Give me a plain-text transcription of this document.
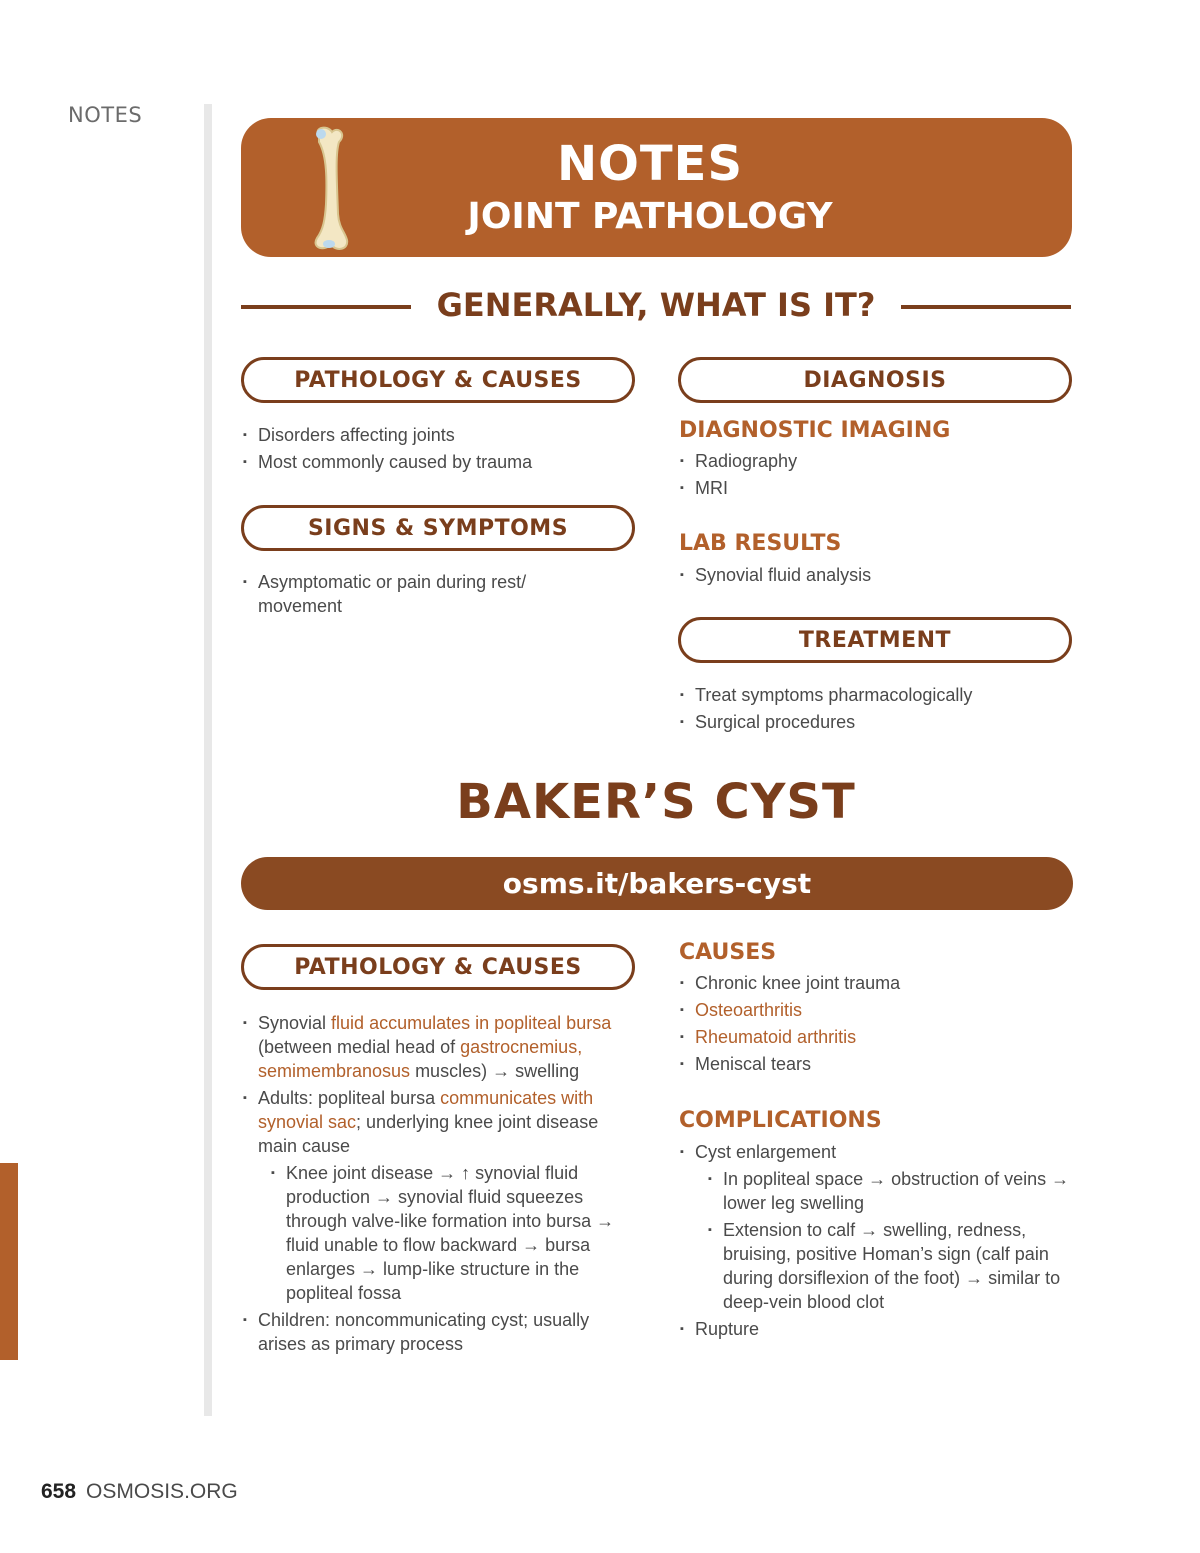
NOTES
NOTES
JOINT PATHOLOGY
GENERALLY, WHAT IS IT?
PATHOLOGY & CAUSES
▪ Disorders affecting joints
▪ Most commonly caused by trauma
SIGNS & SYMPTOMS
▪ Asymptomatic or pain during rest/ movement
DIAGNOSIS
DIAGNOSTIC IMAGING
▪ Radiography
▪ MRI
LAB RESULTS
▪ Synovial fluid analysis
TREATMENT
▪ Treat symptoms pharmacologically
▪ Surgical procedures
BAKER’S CYST
osms.it/bakers-cyst
PATHOLOGY & CAUSES
▪ Synovial fluid accumulates in popliteal bursa (between medial head of gastrocnemius, semimembranosus muscles) → swelling
▪ Adults: popliteal bursa communicates with synovial sac; underlying knee joint disease main cause
▪ Knee joint disease → ↑ synovial fluid production → synovial fluid squeezes through valve-like formation into bursa → fluid unable to flow backward → bursa enlarges → lump-like structure in the popliteal fossa
▪ Children: noncommunicating cyst; usually arises as primary process
CAUSES
▪ Chronic knee joint trauma
▪ Osteoarthritis
▪ Rheumatoid arthritis
▪ Meniscal tears
COMPLICATIONS
▪ Cyst enlargement
▪ In popliteal space → obstruction of veins → lower leg swelling
▪ Extension to calf → swelling, redness, bruising, positive Homan’s sign (calf pain during dorsiflexion of the foot) → similar to deep-vein blood clot
▪ Rupture
658 OSMOSIS.ORG
